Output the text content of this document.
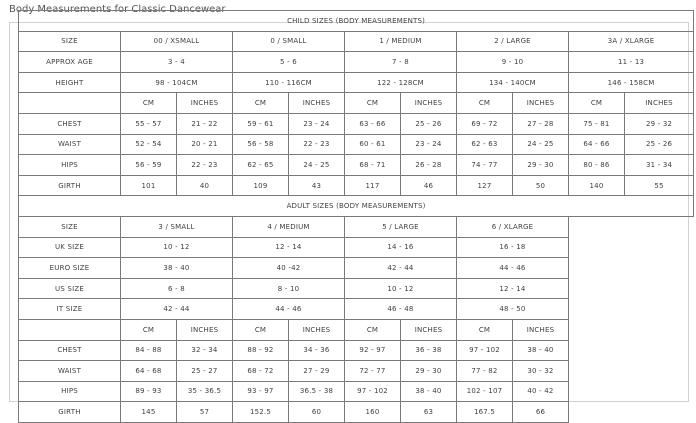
Body Measurements for Classic Dancewear
CHILD SIZES (BODY MEASUREMENTS)										
SIZE	00 / XSMALL		0 / SMALL		1 / MEDIUM		2 / LARGE		3A / XLARGE	
APPROX AGE	3 - 4		5 - 6		7 - 8		9 - 10		11 - 13	
HEIGHT	98 - 104CM		110 - 116CM		122 - 128CM		134 - 140CM		146 - 158CM	
	CM	INCHES	CM	INCHES	CM	INCHES	CM	INCHES	CM	INCHES
CHEST	55 - 57	21 - 22	59 - 61	23 - 24	63 - 66	25 - 26	69 - 72	27 - 28	75 - 81	29 - 32
WAIST	52 - 54	20 - 21	56 - 58	22 - 23	60 - 61	23 - 24	62 - 63	24 - 25	64 - 66	25 - 26
HIPS	56 - 59	22 - 23	62 - 65	24 - 25	68 - 71	26 - 28	74 - 77	29 - 30	80 - 86	31 - 34
GIRTH	101	40	109	43	117	46	127	50	140	55
ADULT SIZES (BODY MEASUREMENTS)										
SIZE	3 / SMALL		4 / MEDIUM		5 / LARGE		6 / XLARGE			
UK SIZE	10 - 12		12 - 14		14 - 16		16 - 18			
EURO SIZE	38 - 40		40 -42		42 - 44		44 - 46			
US SIZE	6 - 8		8 - 10		10 - 12		12 - 14			
IT SIZE	42 - 44		44 - 46		46 - 48		48 - 50			
	CM	INCHES	CM	INCHES	CM	INCHES	CM	INCHES		
CHEST	84 - 88	32 - 34	88 - 92	34 - 36	92 - 97	36 - 38	97 - 102	38 - 40		
WAIST	64 - 68	25 - 27	68 - 72	27 - 29	72 - 77	29 - 30	77 - 82	30 - 32		
HIPS	89 - 93	35 - 36.5	93 - 97	36.5 - 38	97 - 102	38 - 40	102 - 107	40 - 42		
GIRTH	145	57	152.5	60	160	63	167.5	66		
